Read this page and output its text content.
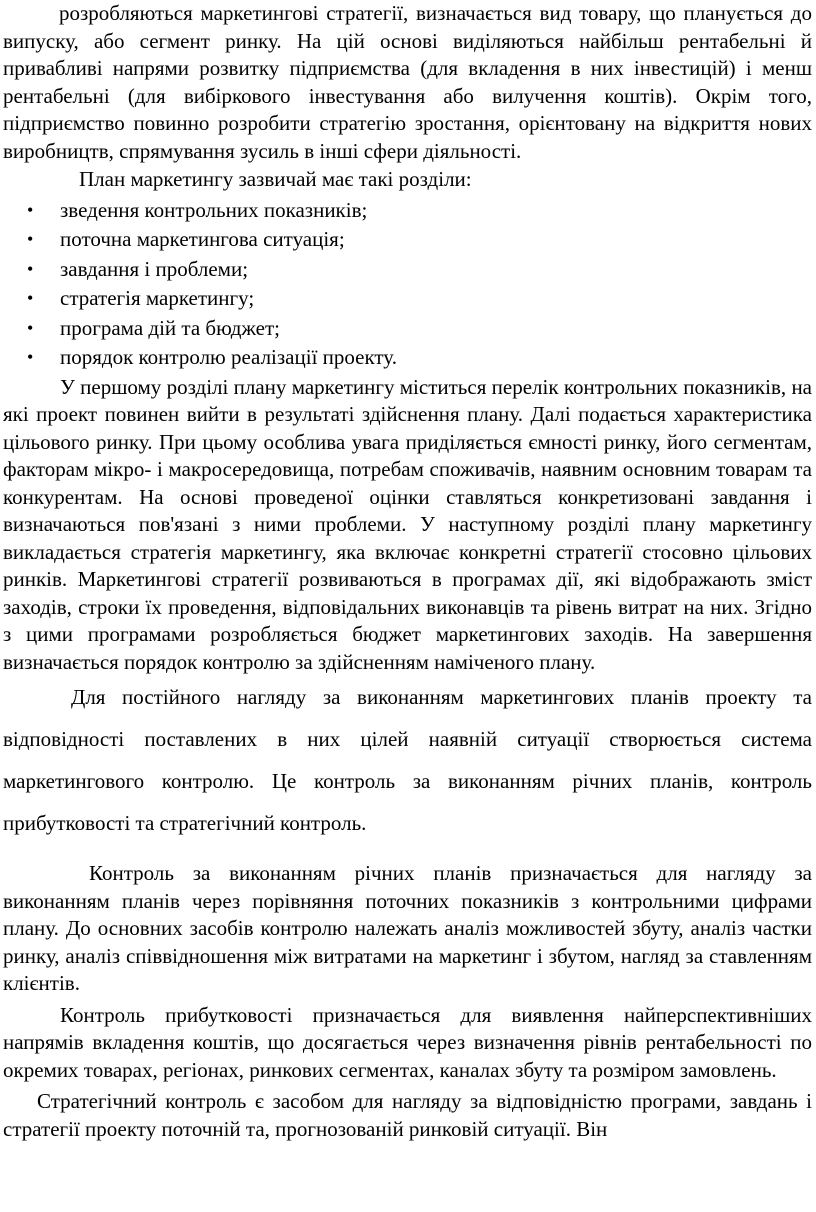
розробляються маркетингові стратегії, визначається вид товару, що планується до випуску, або сегмент ринку. На цій основі виділяються найбільш рентабельні й привабливі напрями розвитку підприємства (для вкладення в них інвестицій) і менш рентабельні (для вибіркового інвестування або вилучення коштів). Окрім того, підприємство повинно розробити стратегію зростання, орієнтовану на відкриття нових виробництв, спрямування зусиль в інші сфери діяльності.

План маркетингу зазвичай має такі розділи:

• зведення контрольних показників;
• поточна маркетингова ситуація;
• завдання і проблеми;
• стратегія маркетингу;
• програма дій та бюджет;
• порядок контролю реалізації проекту.

У першому розділі плану маркетингу міститься перелік контрольних показників, на які проект повинен вийти в результаті здійснення плану. Далі подається характеристика цільового ринку. При цьому особлива увага приділяється ємності ринку, його сегментам, факторам мікро- і макросередовища, потребам споживачів, наявним основним товарам та конкурентам. На основі проведеної оцінки ставляться конкретизовані завдання і визначаються пов'язані з ними проблеми. У наступному розділі плану маркетингу викладається стратегія маркетингу, яка включає конкретні стратегії стосовно цільових ринків. Маркетингові стратегії розвиваються в програмах дії, які відображають зміст заходів, строки їх проведення, відповідальних виконавців та рівень витрат на них. Згідно з цими програмами розробляється бюджет маркетингових заходів. На завершення визначається порядок контролю за здійсненням наміченого плану.

Для постійного нагляду за виконанням маркетингових планів проекту та відповідності поставлених в них цілей наявній ситуації створюється система маркетингового контролю. Це контроль за виконанням річних планів, контроль прибутковості та стратегічний контроль.

Контроль за виконанням річних планів призначається для нагляду за виконанням планів через порівняння поточних показників з контрольними цифрами плану. До основних засобів контролю належать аналіз можливостей збуту, аналіз частки ринку, аналіз співвідношення між витратами на маркетинг і збутом, нагляд за ставленням клієнтів.

Контроль прибутковості призначається для виявлення найперспективніших напрямів вкладення коштів, що досягається через визначення рівнів рентабельності по окремих товарах, регіонах, ринкових сегментах, каналах збуту та розміром замовлень.

Стратегічний контроль є засобом для нагляду за відповідністю програми, завдань і стратегії проекту поточній та, прогнозованій ринковій ситуації. Він
